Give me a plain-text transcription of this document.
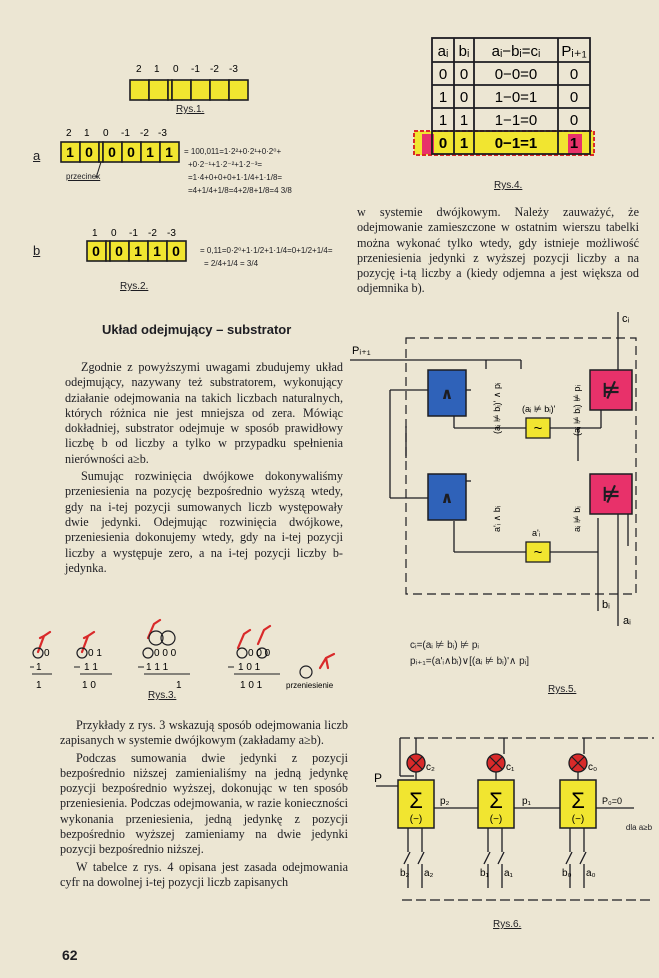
2 1 0 -1 -2 -3
Rys.1.
a
2 1 0 -1 -2 -3
1 0 0 0 1 1
przecinek
= 100,011=1·2²+0·2¹+0·2⁰+
+0·2⁻¹+1·2⁻²+1·2⁻³=
=1·4+0+0+0+1·1/4+1·1/8=
=4+1/4+1/8=4+2/8+1/8=4 3/8
b
1 0 -1 -2 -3
0 0 1 1 0	= 0,11=0·2⁰+1·1/2+1·1/4=0+1/2+1/4=
= 2/4+1/4 = 3/4
Rys.2.
Układ odejmujący – substrator

Zgodnie z powyższymi uwagami zbudujemy układ odejmujący, nazywany też substratorem, wykonujący działanie odejmowania na takich liczbach naturalnych, których różnica nie jest mniejsza od zera. Mówiąc dokładniej, substrator odejmuje w sposób prawidłowy liczbę b od liczby a tylko w przypadku spełnienia nierówności a≥b.

Sumując rozwinięcia dwójkowe dokonywaliśmy przeniesienia na pozycję bezpośrednio wyższą wtedy, gdy na i-tej pozycji sumowanych liczb występowały dwie jedynki. Odejmując rozwinięcia dwójkowe, przeniesienia dokonujemy wtedy, gdy na i-tej pozycji liczby a występuje zero, a na i-tej pozycji liczby b-jedynka.

0
1
1
0 1
1 1
1 0
0 0 0
1 1 1
1
0 0 0
1 0 1
1 0 1	przeniesienie
Rys.3.

Przykłady z rys. 3 wskazują sposób odejmowania liczb zapisanych w systemie dwójkowym (zakładamy a≥b).

Podczas sumowania dwie jedynki z pozycji bezpośrednio niższej zamienialiśmy na jedną jedynkę pozycji bezpośrednio wyższej, dokonując w ten sposób przeniesienia. Podczas odejmowania, w razie konieczności wykonania przeniesienia, jedną jedynkę z pozycji bezpośrednio wyższej zamieniamy na dwie jedynki pozycji bezpośrednio niższej.

W tabelce z rys. 4 opisana jest zasada odejmowania cyfr na dowolnej i-tej pozycji liczb zapisanych

62
aᵢ bᵢ aᵢ−bᵢ=cᵢ Pᵢ₊₁
0 0 0−0=0 0
1 0 1−0=1 0
1 1 1−1=0 0
0 1 0−1=1 1
Rys.4.

w systemie dwójkowym. Należy zauważyć, że odejmowanie zamieszczone w ostatnim wierszu tabelki można wykonać tylko wtedy, gdy istnieje możliwość przeniesienia jedynki z wyższej pozycji liczby a na pozycję i-tą liczby a (kiedy odjemna a jest większa od odjemnika b).

∧
∧
⊭
⊭
~
~
Pᵢ₊₁
cᵢ
bᵢ
aᵢ
(aᵢ ⊭ bᵢ)' ∧ pᵢ	(aᵢ ⊭ bᵢ) ⊭ pᵢ
(aᵢ ⊭ bᵢ)'
a'ᵢ ∧ bᵢ	aᵢ ⊭ bᵢ
a'ᵢ
cᵢ=(aᵢ ⊭ bᵢ) ⊭ pᵢ
pᵢ₊₁=(a'ᵢ∧bᵢ)∨[(aᵢ ⊭ bᵢ)'∧ pᵢ]
Rys.5.
Σ
(−)
Σ
(−)
Σ
(−)
P
c₂	c₁	c₀
p₂	p₁	P₀=0
b₂ a₂	b₁ a₁	b₀ a₀
dla a≥b
Rys.6.
